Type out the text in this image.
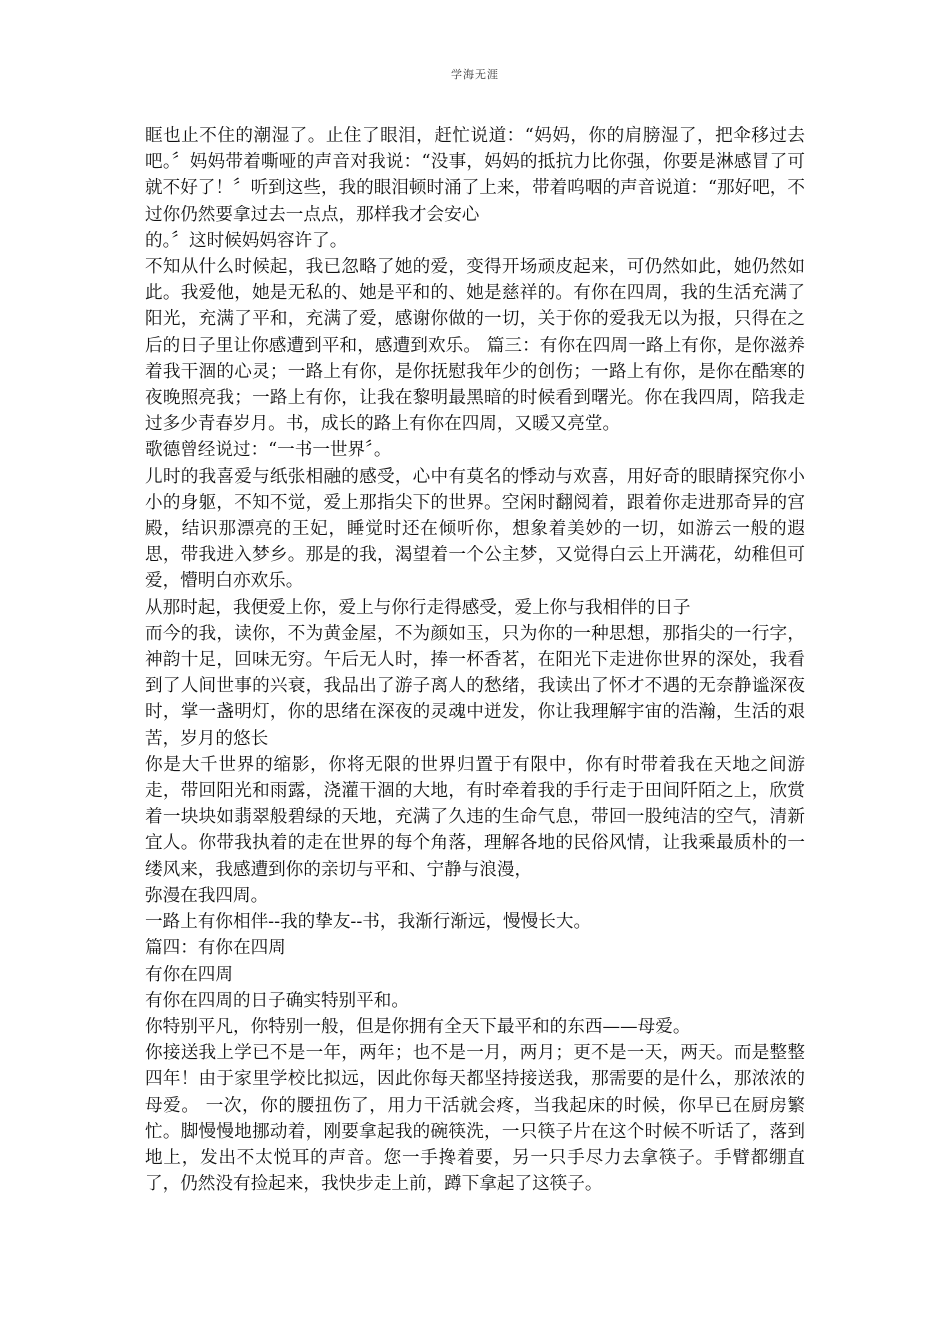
学海无涯

眶也止不住的潮湿了。止住了眼泪，赶忙说道：“妈妈，你的肩膀湿了，把伞移过去吧。〞妈妈带着嘶哑的声音对我说：“没事，妈妈的抵抗力比你强，你要是淋感冒了可就不好了！〞听到这些，我的眼泪顿时涌了上来，带着呜咽的声音说道：“那好吧，不过你仍然要拿过去一点点，那样我才会安心

的。〞这时候妈妈容许了。

不知从什么时候起，我已忽略了她的爱，变得开场顽皮起来，可仍然如此，她仍然如此。我爱他，她是无私的、她是平和的、她是慈祥的。有你在四周，我的生活充满了阳光，充满了平和，充满了爱，感谢你做的一切，关于你的爱我无以为报，只得在之后的日子里让你感遭到平和，感遭到欢乐。 篇三：有你在四周一路上有你，是你滋养着我干涸的心灵；一路上有你，是你抚慰我年少的创伤；一路上有你，是你在酷寒的夜晚照亮我；一路上有你，让我在黎明最黑暗的时候看到曙光。你在我四周，陪我走过多少青春岁月。书，成长的路上有你在四周，又暖又亮堂。

歌德曾经说过：“一书一世界〞。

儿时的我喜爱与纸张相融的感受，心中有莫名的悸动与欢喜，用好奇的眼睛探究你小小的身躯，不知不觉，爱上那指尖下的世界。空闲时翻阅着，跟着你走进那奇异的宫殿，结识那漂亮的王妃，睡觉时还在倾听你，想象着美妙的一切，如游云一般的遐思，带我进入梦乡。那是的我，渴望着一个公主梦，又觉得白云上开满花，幼稚但可爱，懵明白亦欢乐。

从那时起，我便爱上你，爱上与你行走得感受，爱上你与我相伴的日子

而今的我，读你，不为黄金屋，不为颜如玉，只为你的一种思想，那指尖的一行字，神韵十足，回味无穷。午后无人时，捧一杯香茗，在阳光下走进你世界的深处，我看到了人间世事的兴衰，我品出了游子离人的愁绪，我读出了怀才不遇的无奈静谧深夜时，掌一盏明灯，你的思绪在深夜的灵魂中迸发，你让我理解宇宙的浩瀚，生活的艰苦，岁月的悠长

你是大千世界的缩影，你将无限的世界归置于有限中，你有时带着我在天地之间游走，带回阳光和雨露，浇灌干涸的大地，有时牵着我的手行走于田间阡陌之上，欣赏着一块块如翡翠般碧绿的天地，充满了久违的生命气息，带回一股纯洁的空气，清新宜人。你带我执着的走在世界的每个角落，理解各地的民俗风情，让我乘最质朴的一缕风来，我感遭到你的亲切与平和、宁静与浪漫，

弥漫在我四周。

一路上有你相伴--我的挚友--书，我渐行渐远，慢慢长大。

篇四：有你在四周

有你在四周

有你在四周的日子确实特别平和。

你特别平凡，你特别一般，但是你拥有全天下最平和的东西——母爱。

你接送我上学已不是一年，两年；也不是一月，两月；更不是一天，两天。而是整整四年！由于家里学校比拟远，因此你每天都坚持接送我，那需要的是什么，那浓浓的母爱。 一次，你的腰扭伤了，用力干活就会疼，当我起床的时候，你早已在厨房繁忙。脚慢慢地挪动着，刚要拿起我的碗筷洗，一只筷子片在这个时候不听话了，落到地上，发出不太悦耳的声音。您一手搀着要，另一只手尽力去拿筷子。手臂都绷直了，仍然没有捡起来，我快步走上前，蹲下拿起了这筷子。
